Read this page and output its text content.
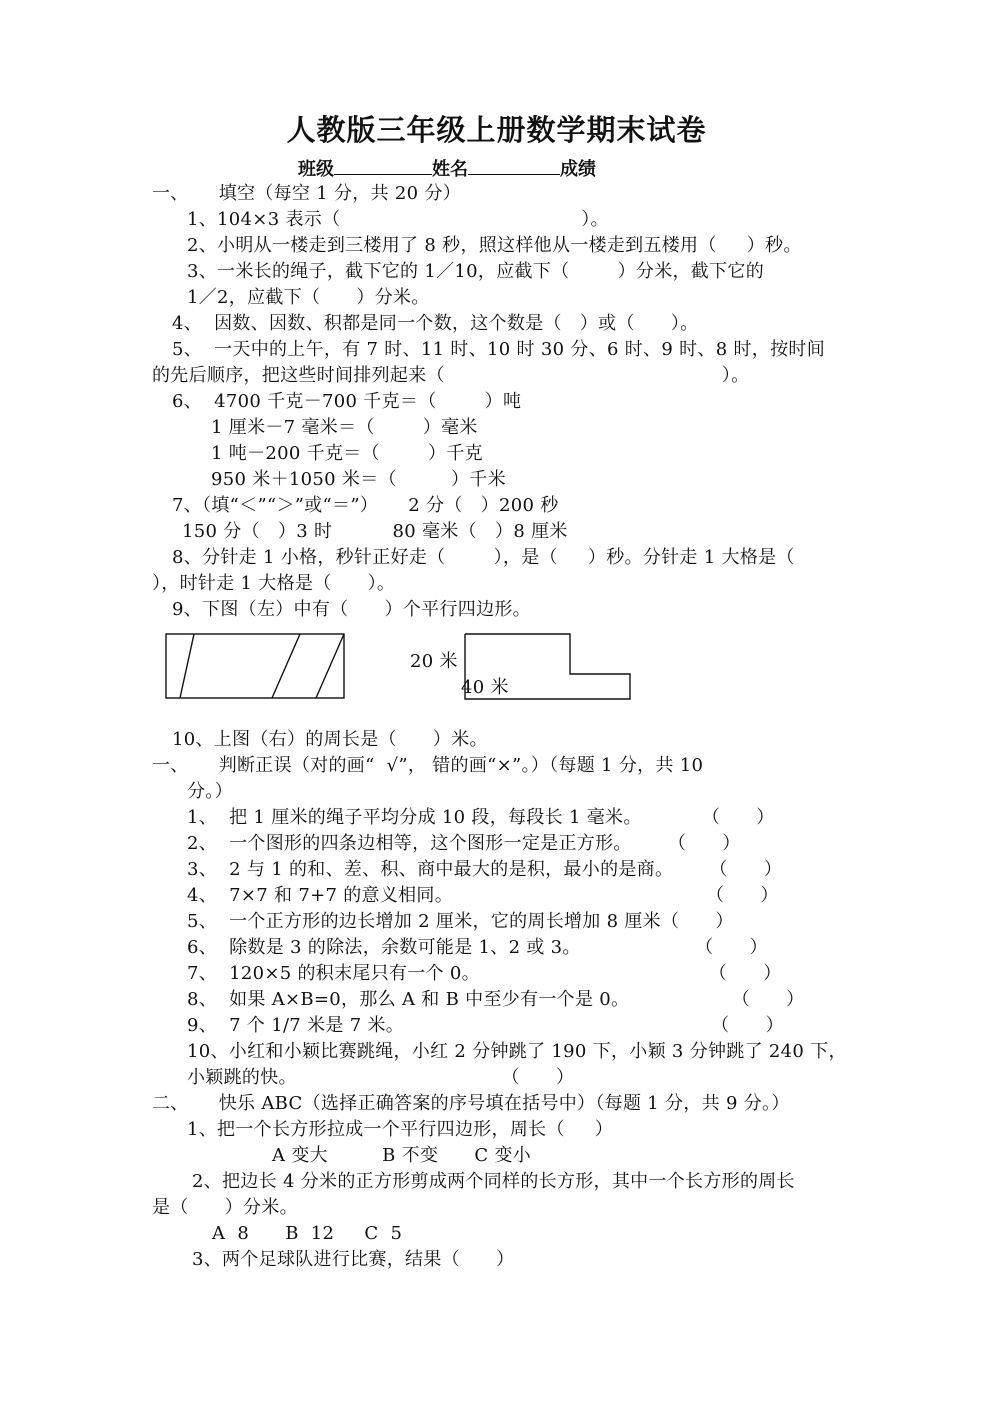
人教版三年级上册数学期末试卷
班级	姓名	成绩
一、     填空（每空 1 分，共 20 分）
1、104×3 表示（                                        ）。
2、小明从一楼走到三楼用了 8 秒，照这样他从一楼走到五楼用（     ）秒。
3、一米长的绳子，截下它的 1／10，应截下（        ）分米，截下它的
1／2，应截下（      ）分米。
4、  因数、因数、积都是同一个数，这个数是（   ）或（      ）。
5、  一天中的上午，有 7 时、11 时、10 时 30 分、6 时、9 时、8 时，按时间
的先后顺序，把这些时间排列起来（                                              ）。
6、  4700 千克－700 千克＝（        ）吨
1 厘米－7 毫米＝（        ）毫米
1 吨－200 千克＝（        ）千克
950 米＋1050 米＝（         ）千米
7、（填“＜”“＞”或“＝”）     2 分（   ）200 秒
150 分（   ）3 时          80 毫米（   ）8 厘米
8、分针走 1 小格，秒针正好走（        ），是（     ）秒。分针走 1 大格是（
），时针走 1 大格是（      ）。
9、下图（左）中有（      ）个平行四边形。
20 米
40 米
10、上图（右）的周长是（      ）米。
一、     判断正误（对的画“  √”， 错的画“×”。）（每题 1 分，共 10
分。）
1、  把 1 厘米的绳子平均分成 10 段，每段长 1 毫米。          （      ）
2、  一个图形的四条边相等，这个图形一定是正方形。      （      ）
3、  2 与 1 的和、差、积、商中最大的是积，最小的是商。      （      ）
4、  7×7 和 7+7 的意义相同。                                          （      ）
5、  一个正方形的边长增加 2 厘米，它的周长增加 8 厘米（      ）
6、  除数是 3 的除法，余数可能是 1、2 或 3。                   （      ）
7、  120×5 的积末尾只有一个 0。                                      （      ）
8、  如果 A×B=0，那么 A 和 B 中至少有一个是 0。                 （      ）
9、  7 个 1/7 米是 7 米。                                                   （      ）
10、小红和小颖比赛跳绳，小红 2 分钟跳了 190 下，小颖 3 分钟跳了 240 下，
小颖跳的快。                                  （      ）
二、     快乐 ABC（选择正确答案的序号填在括号中）（每题 1 分，共 9 分。）
1、把一个长方形拉成一个平行四边形，周长（     ）
A 变大         B 不变      C 变小
2、把边长 4 分米的正方形剪成两个同样的长方形，其中一个长方形的周长
是（      ）分米。
A  8      B  12     C  5
3、两个足球队进行比赛，结果（      ）
